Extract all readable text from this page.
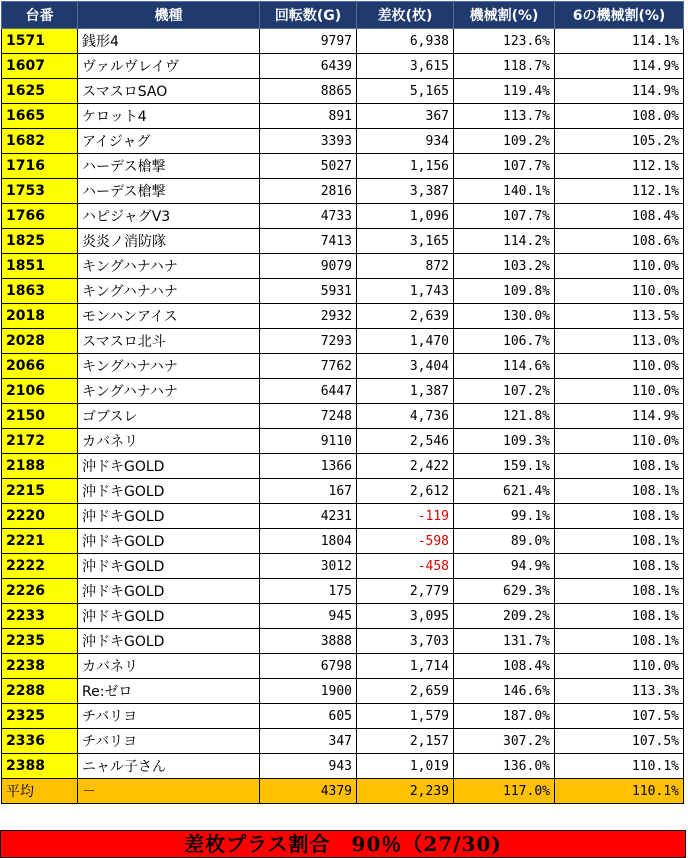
台番	機種	回転数(G)	差枚(枚)	機械割(%)	6の機械割(%)
1571	銭形4	9797	6,938	123.6%	114.1%
1607	ヴァルヴレイヴ	6439	3,615	118.7%	114.9%
1625	スマスロSAO	8865	5,165	119.4%	114.9%
1665	ケロット4	891	367	113.7%	108.0%
1682	アイジャグ	3393	934	109.2%	105.2%
1716	ハーデス槍撃	5027	1,156	107.7%	112.1%
1753	ハーデス槍撃	2816	3,387	140.1%	112.1%
1766	ハピジャグV3	4733	1,096	107.7%	108.4%
1825	炎炎ノ消防隊	7413	3,165	114.2%	108.6%
1851	キングハナハナ	9079	872	103.2%	110.0%
1863	キングハナハナ	5931	1,743	109.8%	110.0%
2018	モンハンアイス	2932	2,639	130.0%	113.5%
2028	スマスロ北斗	7293	1,470	106.7%	113.0%
2066	キングハナハナ	7762	3,404	114.6%	110.0%
2106	キングハナハナ	6447	1,387	107.2%	110.0%
2150	ゴブスレ	7248	4,736	121.8%	114.9%
2172	カバネリ	9110	2,546	109.3%	110.0%
2188	沖ドキGOLD	1366	2,422	159.1%	108.1%
2215	沖ドキGOLD	167	2,612	621.4%	108.1%
2220	沖ドキGOLD	4231	-119	99.1%	108.1%
2221	沖ドキGOLD	1804	-598	89.0%	108.1%
2222	沖ドキGOLD	3012	-458	94.9%	108.1%
2226	沖ドキGOLD	175	2,779	629.3%	108.1%
2233	沖ドキGOLD	945	3,095	209.2%	108.1%
2235	沖ドキGOLD	3888	3,703	131.7%	108.1%
2238	カバネリ	6798	1,714	108.4%	110.0%
2288	Re:ゼロ	1900	2,659	146.6%	113.3%
2325	チバリヨ	605	1,579	187.0%	107.5%
2336	チバリヨ	347	2,157	307.2%	107.5%
2388	ニャル子さん	943	1,019	136.0%	110.1%
平均	－	4379	2,239	117.0%	110.1%
差枚プラス割合　90％（27/30)
